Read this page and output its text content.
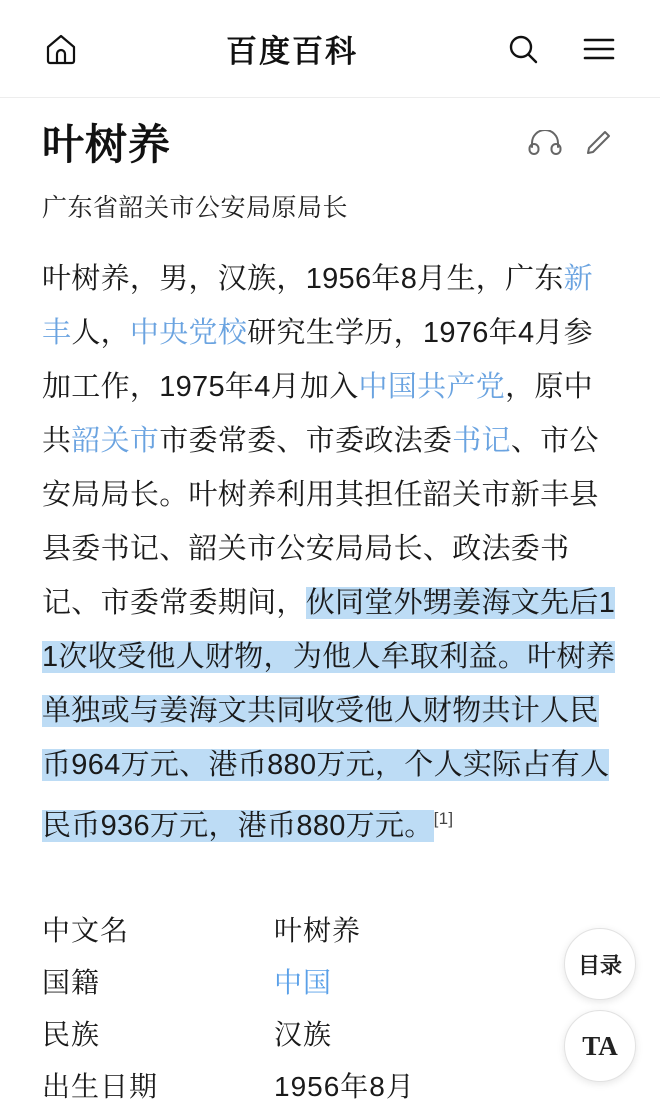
百度百科
叶树养
广东省韶关市公安局原局长
叶树养，男，汉族，1956年8月生，广东新丰人，中央党校研究生学历，1976年4月参加工作，1975年4月加入中国共产党，原中共韶关市市委常委、市委政法委书记、市公安局局长。叶树养利用其担任韶关市新丰县县委书记、韶关市公安局局长、政法委书记、市委常委期间，伙同堂外甥姜海文先后11次收受他人财物，为他人牟取利益。叶树养单独或与姜海文共同收受他人财物共计人民币964万元、港币880万元，个人实际占有人民币936万元，港币880万元。[1]
中文名	叶树养
国籍	中国
民族	汉族
出生日期	1956年8月
目录
TA
